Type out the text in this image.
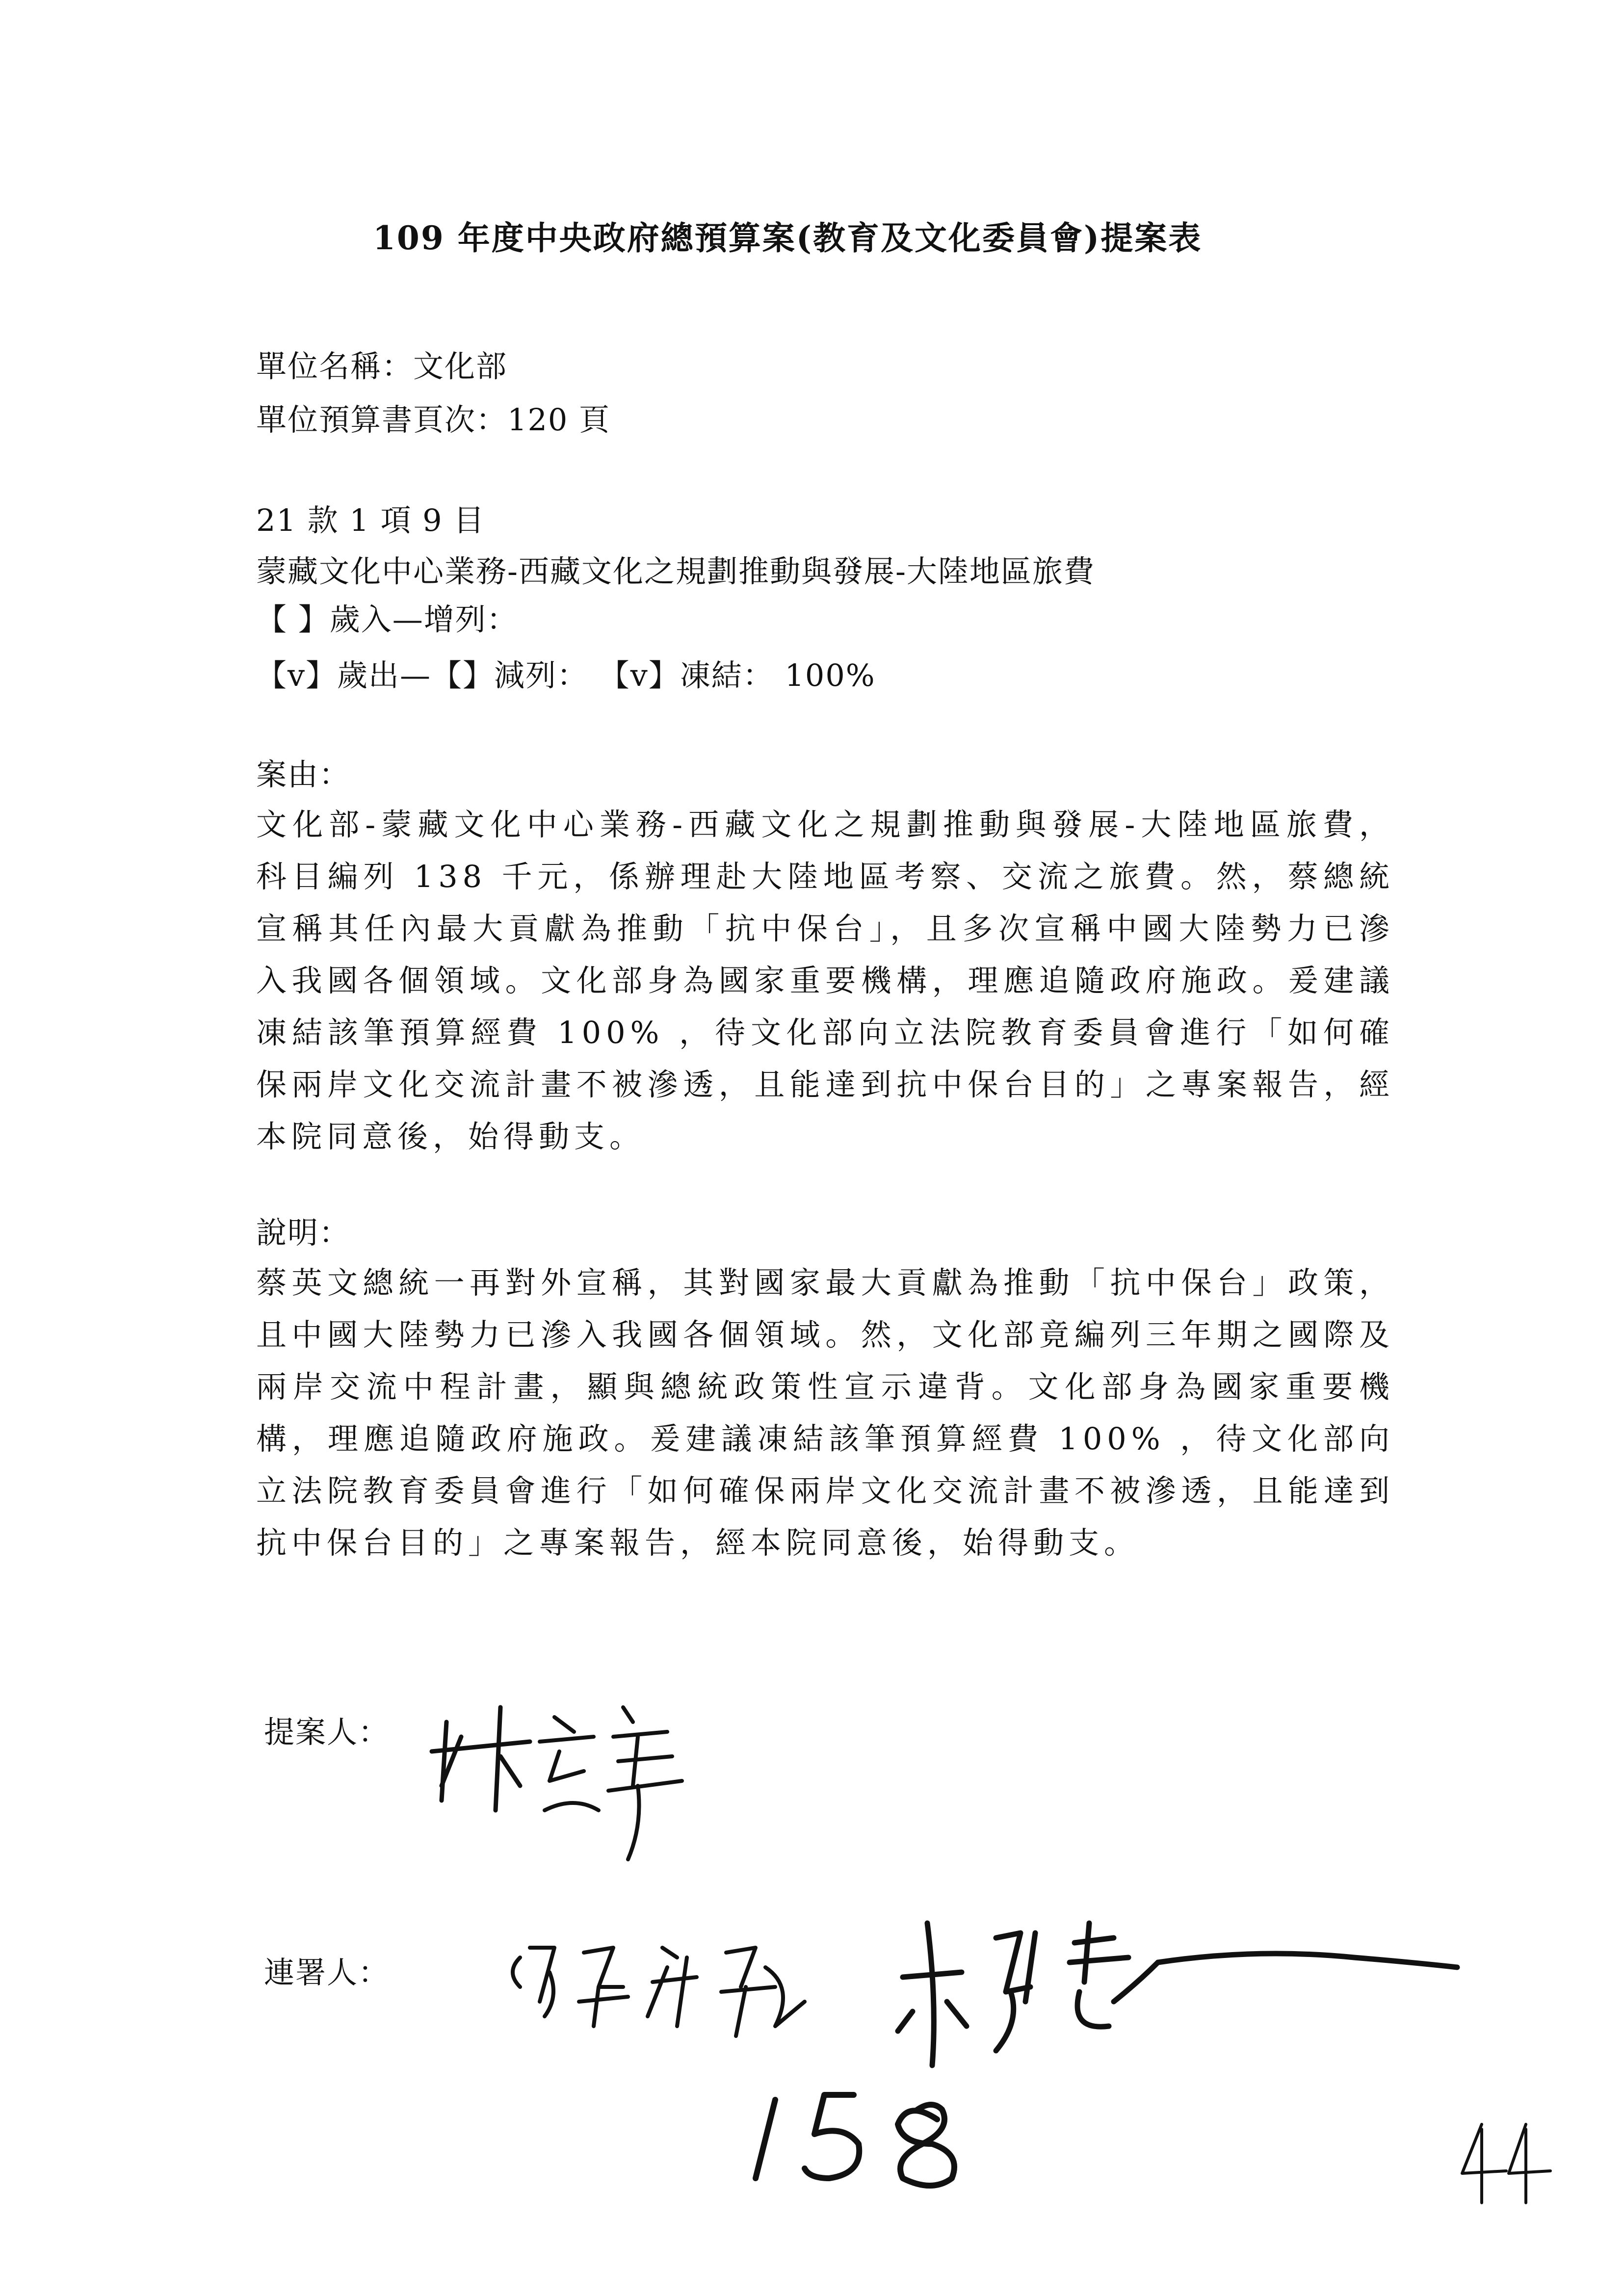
109 年度中央政府總預算案(教育及文化委員會)提案表
單位名稱：文化部
單位預算書頁次：120 頁
21 款 1 項 9 目
蒙藏文化中心業務-西藏文化之規劃推動與發展-大陸地區旅費
【 】歲入—增列：
【v】歲出—【】減列： 【v】凍結： 100%
案由：
文化部-蒙藏文化中心業務-西藏文化之規劃推動與發展-大陸地區旅費，科目編列 138 千元，係辦理赴大陸地區考察、交流之旅費。然，蔡總統宣稱其任內最大貢獻為推動「抗中保台」，且多次宣稱中國大陸勢力已滲入我國各個領域。文化部身為國家重要機構，理應追隨政府施政。爰建議凍結該筆預算經費 100% ，待文化部向立法院教育委員會進行「如何確保兩岸文化交流計畫不被滲透，且能達到抗中保台目的」之專案報告，經本院同意後，始得動支。
說明：
蔡英文總統一再對外宣稱，其對國家最大貢獻為推動「抗中保台」政策，且中國大陸勢力已滲入我國各個領域。然，文化部竟編列三年期之國際及兩岸交流中程計畫，顯與總統政策性宣示違背。文化部身為國家重要機構，理應追隨政府施政。爰建議凍結該筆預算經費 100% ，待文化部向立法院教育委員會進行「如何確保兩岸文化交流計畫不被滲透，且能達到抗中保台目的」之專案報告，經本院同意後，始得動支。
提案人：
連署人：
